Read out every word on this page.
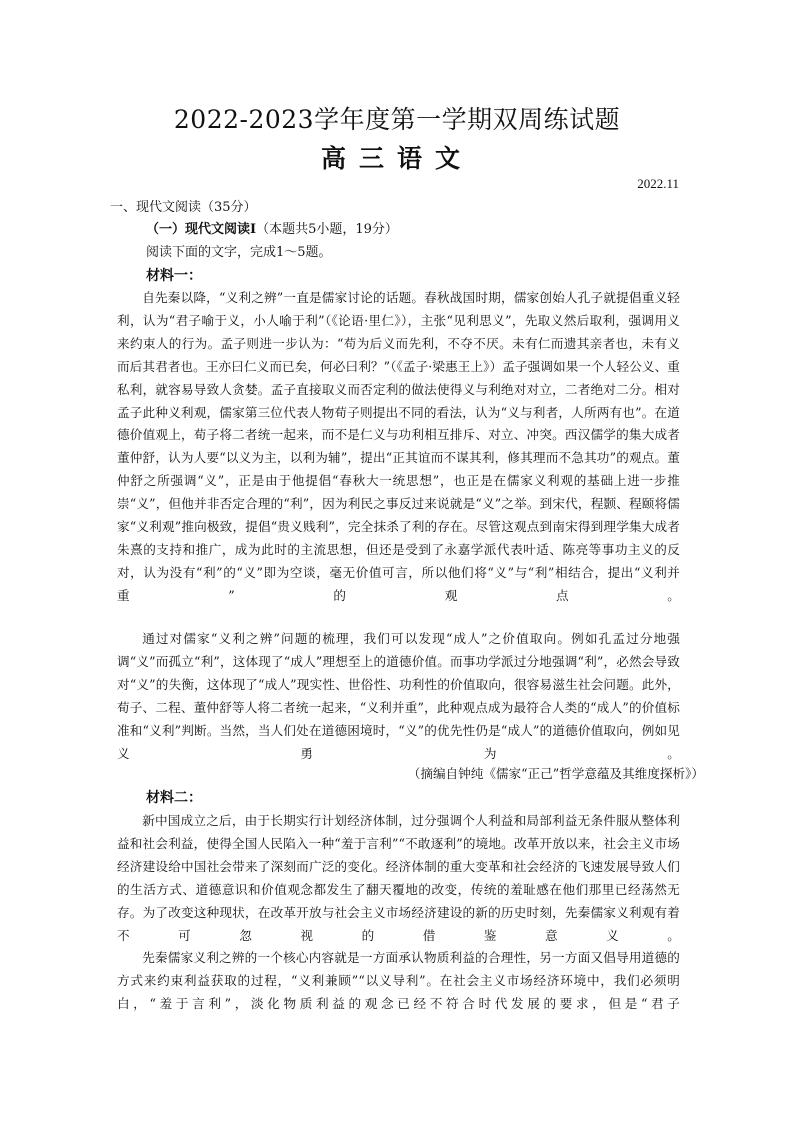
2022-2023学年度第一学期双周练试题
高三语文
2022.11
一、现代文阅读（35分）
（一）现代文阅读Ⅰ（本题共5小题，19分）
阅读下面的文字，完成1～5题。
材料一：

自先秦以降，“义利之辨”一直是儒家讨论的话题。春秋战国时期，儒家创始人孔子就提倡重义轻利，认为“君子喻于义，小人喻于利”（《论语·里仁》），主张“见利思义”，先取义然后取利，强调用义来约束人的行为。孟子则进一步认为：“苟为后义而先利，不夺不厌。未有仁而遗其亲者也，未有义而后其君者也。王亦曰仁义而已矣，何必曰利？”（《孟子·梁惠王上》）孟子强调如果一个人轻公义、重私利，就容易导致人贪婪。孟子直接取义而否定利的做法使得义与利绝对对立，二者绝对二分。相对孟子此种义利观，儒家第三位代表人物荀子则提出不同的看法，认为“义与利者，人所两有也”。在道德价值观上，荀子将二者统一起来，而不是仁义与功利相互排斥、对立、冲突。西汉儒学的集大成者董仲舒，认为人要“以义为主，以利为辅”，提出“正其谊而不谋其利，修其理而不急其功”的观点。董仲舒之所强调“义”，正是由于他提倡“春秋大一统思想”，也正是在儒家义利观的基础上进一步推崇“义”，但他并非否定合理的“利”，因为利民之事反过来说就是“义”之举。到宋代，程颢、程颐将儒家“义利观”推向极致，提倡“贵义贱利”，完全抹杀了利的存在。尽管这观点到南宋得到理学集大成者朱熹的支持和推广，成为此时的主流思想，但还是受到了永嘉学派代表叶适、陈亮等事功主义的反对，认为没有“利”的“义”即为空谈，毫无价值可言，所以他们将“义”与“利”相结合，提出“义利并重”的观点。

通过对儒家“义利之辨”问题的梳理，我们可以发现“成人”之价值取向。例如孔孟过分地强调“义”而孤立“利”，这体现了“成人”理想至上的道德价值。而事功学派过分地强调“利”，必然会导致对“义”的失衡，这体现了“成人”现实性、世俗性、功利性的价值取向，很容易滋生社会问题。此外，荀子、二程、董仲舒等人将二者统一起来，“义利并重”，此种观点成为最符合人类的“成人”的价值标准和“义利”判断。当然，当人们处在道德困境时，“义”的优先性仍是“成人”的道德价值取向，例如见义勇为。

（摘编自钟纯《儒家“正己”哲学意蕴及其维度探析》）
材料二：

新中国成立之后，由于长期实行计划经济体制，过分强调个人利益和局部利益无条件服从整体利益和社会利益，使得全国人民陷入一种“羞于言利”“不敢逐利”的境地。改革开放以来，社会主义市场经济建设给中国社会带来了深刻而广泛的变化。经济体制的重大变革和社会经济的飞速发展导致人们的生活方式、道德意识和价值观念都发生了翻天覆地的改变，传统的羞耻感在他们那里已经荡然无存。为了改变这种现状，在改革开放与社会主义市场经济建设的新的历史时刻，先秦儒家义利观有着不可忽视的借鉴意义。

先秦儒家义利之辨的一个核心内容就是一方面承认物质利益的合理性，另一方面又倡导用道德的方式来约束利益获取的过程，“义利兼顾”“以义导利”。在社会主义市场经济环境中，我们必须明白，“羞于言利”，淡化物质利益的观念已经不符合时代发展的要求，但是“君子
